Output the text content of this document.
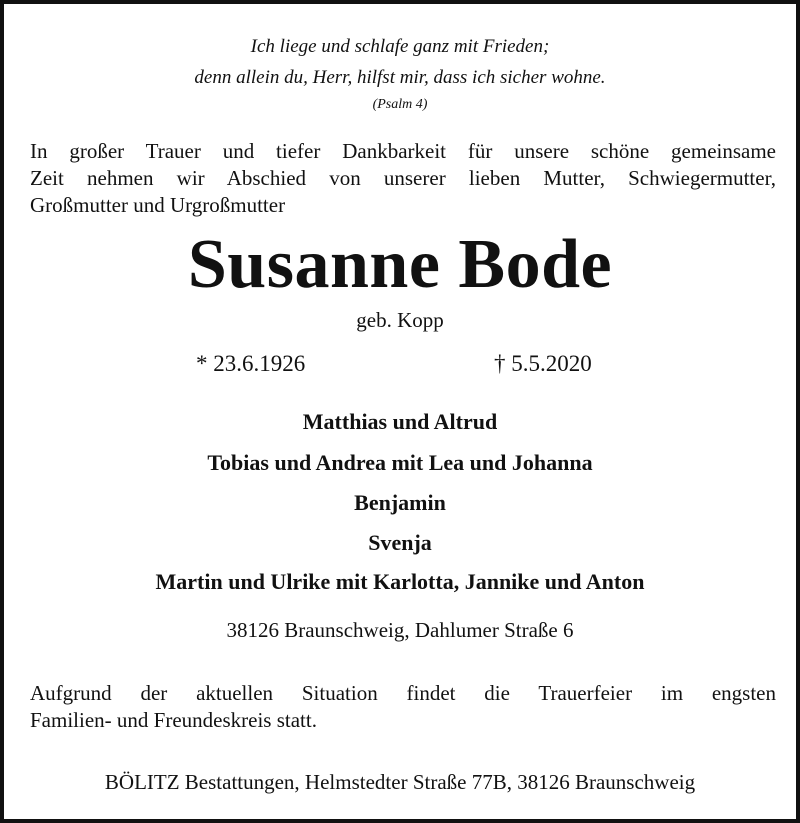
Ich liege und schlafe ganz mit Frieden;
denn allein du, Herr, hilfst mir, dass ich sicher wohne.
(Psalm 4)
In großer Trauer und tiefer Dankbarkeit für unsere schöne gemeinsame
Zeit nehmen wir Abschied von unserer lieben Mutter, Schwiegermutter,
Großmutter und Urgroßmutter
Susanne Bode
geb. Kopp
* 23.6.1926	† 5.5.2020
Matthias und Altrud
Tobias und Andrea mit Lea und Johanna
Benjamin
Svenja
Martin und Ulrike mit Karlotta, Jannike und Anton
38126 Braunschweig, Dahlumer Straße 6
Aufgrund der aktuellen Situation findet die Trauerfeier im engsten
Familien- und Freundeskreis statt.
BÖLITZ Bestattungen, Helmstedter Straße 77B, 38126 Braunschweig
